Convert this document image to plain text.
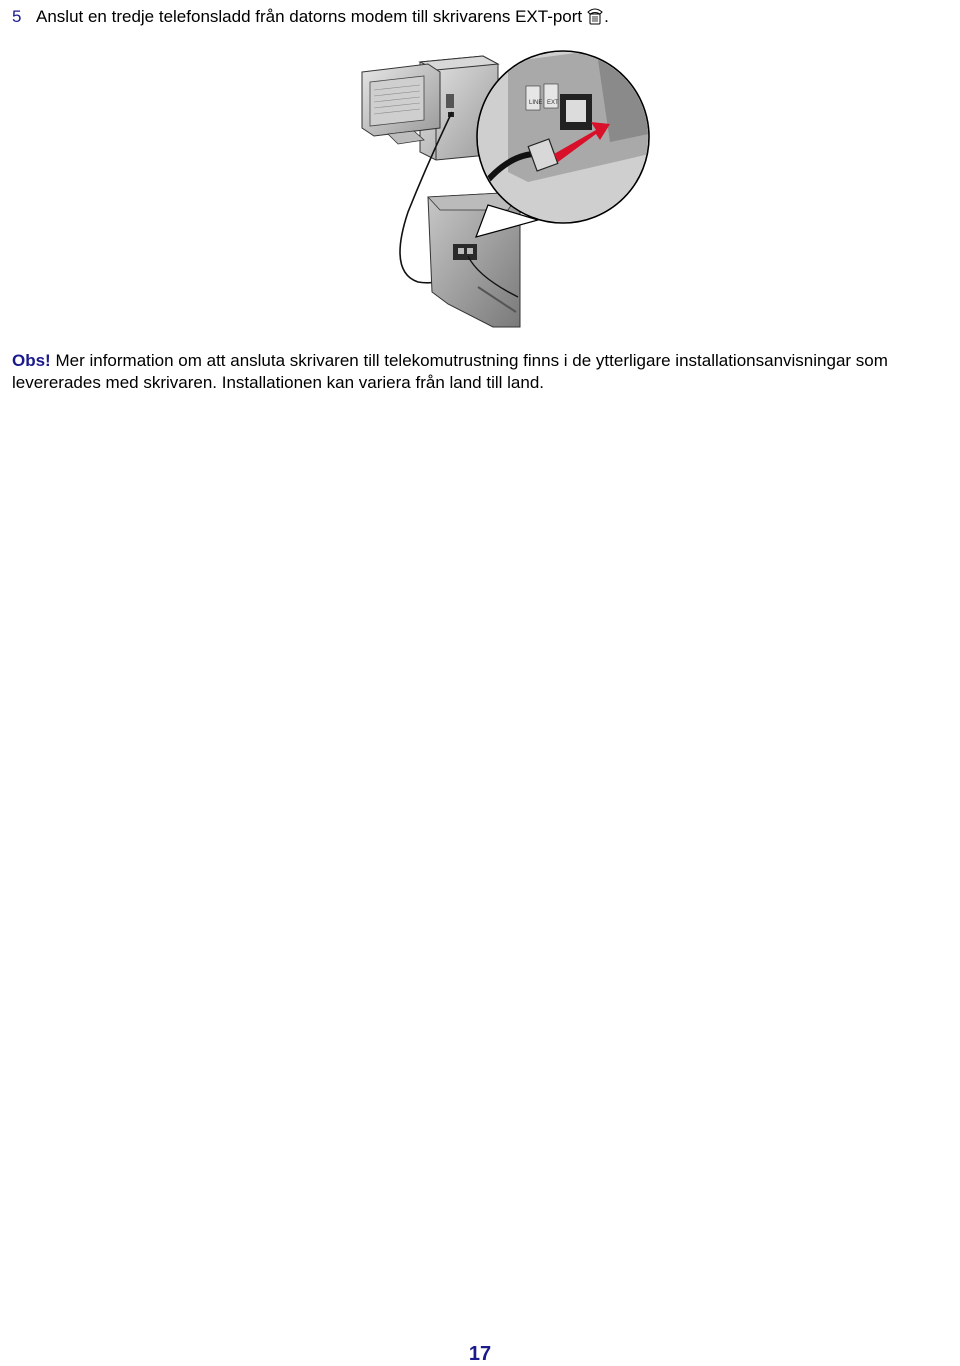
5 Anslut en tredje telefonsladd från datorns modem till skrivarens EXT-port .
LINE EXT
Obs! Mer information om att ansluta skrivaren till telekomutrustning finns i de ytterligare installationsanvisningar som levererades med skrivaren. Installationen kan variera från land till land.
17
